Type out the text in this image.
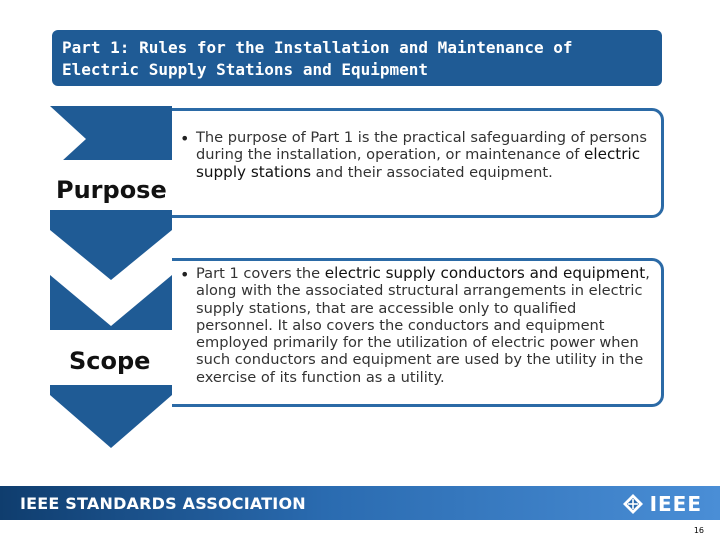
Part 1: Rules for the Installation and Maintenance of
Electric Supply Stations and Equipment
Purpose
Scope
• The purpose of Part 1 is the practical safeguarding of persons during the installation, operation, or maintenance of electric supply stations and their associated equipment.
• Part 1 covers the electric supply conductors and equipment, along with the associated structural arrangements in electric supply stations, that are accessible only to qualified personnel. It also covers the conductors and equipment employed primarily for the utilization of electric power when such conductors and equipment are used by the utility in the exercise of its function as a utility.
IEEE STANDARDS ASSOCIATION	IEEE
16
